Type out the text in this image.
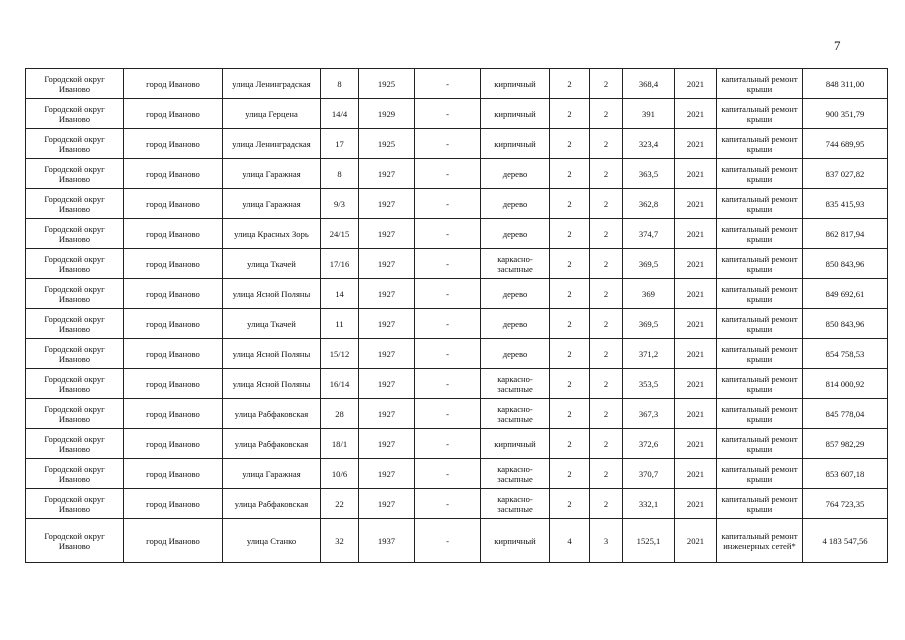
7
Городской округ Иваново	город Иваново	улица Ленинградская	8	1925	-	кирпичный	2	2	368,4	2021	капитальный ремонт крыши	848 311,00
Городской округ Иваново	город Иваново	улица Герцена	14/4	1929	-	кирпичный	2	2	391	2021	капитальный ремонт крыши	900 351,79
Городской округ Иваново	город Иваново	улица Ленинградская	17	1925	-	кирпичный	2	2	323,4	2021	капитальный ремонт крыши	744 689,95
Городской округ Иваново	город Иваново	улица Гаражная	8	1927	-	дерево	2	2	363,5	2021	капитальный ремонт крыши	837 027,82
Городской округ Иваново	город Иваново	улица Гаражная	9/3	1927	-	дерево	2	2	362,8	2021	капитальный ремонт крыши	835 415,93
Городской округ Иваново	город Иваново	улица Красных Зорь	24/15	1927	-	дерево	2	2	374,7	2021	капитальный ремонт крыши	862 817,94
Городской округ Иваново	город Иваново	улица Ткачей	17/16	1927	-	каркасно-засыпные	2	2	369,5	2021	капитальный ремонт крыши	850 843,96
Городской округ Иваново	город Иваново	улица Ясной Поляны	14	1927	-	дерево	2	2	369	2021	капитальный ремонт крыши	849 692,61
Городской округ Иваново	город Иваново	улица Ткачей	11	1927	-	дерево	2	2	369,5	2021	капитальный ремонт крыши	850 843,96
Городской округ Иваново	город Иваново	улица Ясной Поляны	15/12	1927	-	дерево	2	2	371,2	2021	капитальный ремонт крыши	854 758,53
Городской округ Иваново	город Иваново	улица Ясной Поляны	16/14	1927	-	каркасно-засыпные	2	2	353,5	2021	капитальный ремонт крыши	814 000,92
Городской округ Иваново	город Иваново	улица Рабфаковская	28	1927	-	каркасно-засыпные	2	2	367,3	2021	капитальный ремонт крыши	845 778,04
Городской округ Иваново	город Иваново	улица Рабфаковская	18/1	1927	-	кирпичный	2	2	372,6	2021	капитальный ремонт крыши	857 982,29
Городской округ Иваново	город Иваново	улица Гаражная	10/6	1927	-	каркасно-засыпные	2	2	370,7	2021	капитальный ремонт крыши	853 607,18
Городской округ Иваново	город Иваново	улица Рабфаковская	22	1927	-	каркасно-засыпные	2	2	332,1	2021	капитальный ремонт крыши	764 723,35
Городской округ Иваново	город Иваново	улица Станко	32	1937	-	кирпичный	4	3	1525,1	2021	капитальный ремонт инженерных сетей*	4 183 547,56
